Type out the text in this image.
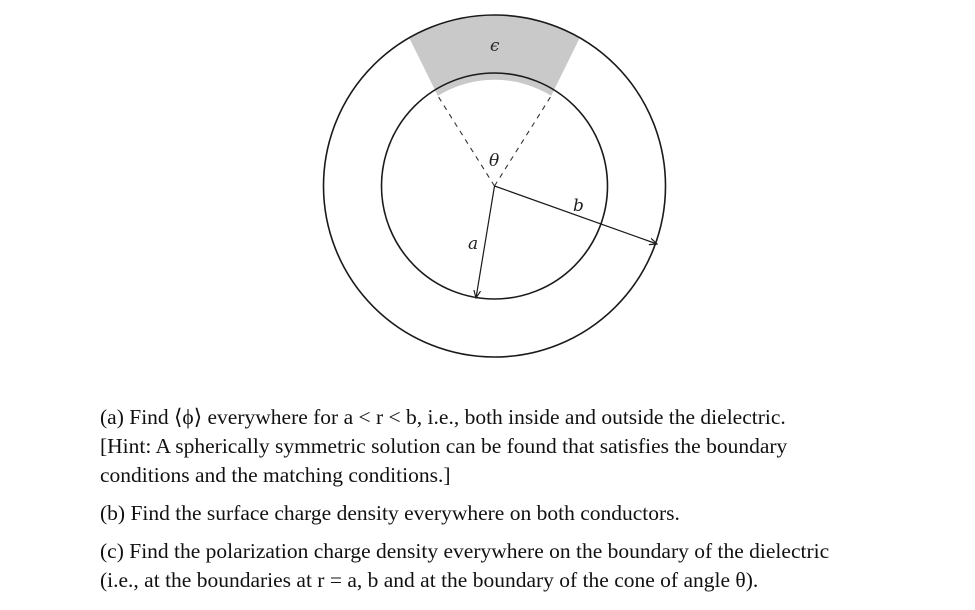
ϵ
θ
a
b
(a) Find ⟨ϕ⟩ everywhere for a < r < b, i.e., both inside and outside the dielectric.
[Hint: A spherically symmetric solution can be found that satisfies the boundary
conditions and the matching conditions.]
(b) Find the surface charge density everywhere on both conductors.
(c) Find the polarization charge density everywhere on the boundary of the dielectric
(i.e., at the boundaries at r = a, b and at the boundary of the cone of angle θ).
